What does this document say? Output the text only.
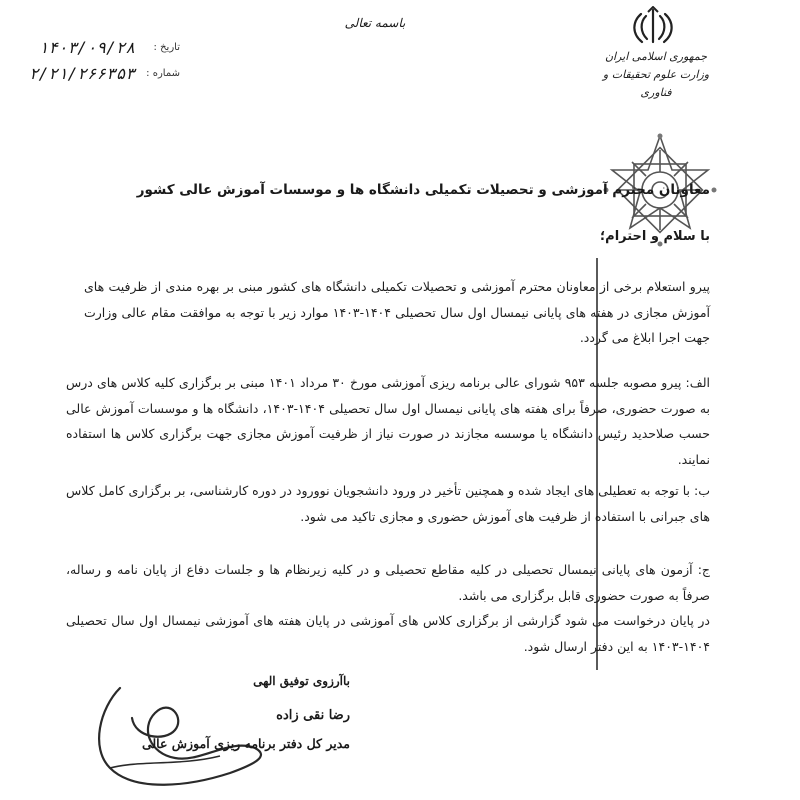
جمهوری اسلامی ایران
وزارت علوم تحقیقات و فناوری
باسمه تعالی
تاریخ :
۱۴۰۳/۰۹/۲۸
شماره :
۲/۲۱/۲۶۶۳۵۳
معاونان محترم آموزشی و تحصیلات تکمیلی دانشگاه ها و موسسات آموزش عالی کشور
با سلام و احترام؛
پیرو استعلام برخی از معاونان محترم آموزشی و تحصیلات تکمیلی دانشگاه های کشور مبنی بر بهره مندی از ظرفیت های آموزش مجازی در هفته های پایانی نیمسال اول سال تحصیلی ۱۴۰۴-۱۴۰۳ موارد زیر با توجه به موافقت مقام عالی وزارت جهت اجرا ابلاغ می گردد.
الف: پیرو مصوبه جلسه ۹۵۳ شورای عالی برنامه ریزی آموزشی مورخ ۳۰ مرداد ۱۴۰۱ مبنی بر برگزاری کلیه کلاس های درس به صورت حضوری، صرفاً برای هفته های پایانی نیمسال اول سال تحصیلی ۱۴۰۴-۱۴۰۳، دانشگاه ها و موسسات آموزش عالی حسب صلاحدید رئیس دانشگاه یا موسسه مجازند در صورت نیاز از ظرفیت آموزش مجازی جهت برگزاری کلاس ها استفاده نمایند.
ب: با توجه به تعطیلی های ایجاد شده و همچنین تأخیر در ورود دانشجویان نوورود در دوره کارشناسی، بر برگزاری کامل کلاس های جبرانی با استفاده از ظرفیت های آموزش حضوری و مجازی تاکید می شود.
ج: آزمون های پایانی نیمسال تحصیلی در کلیه مقاطع تحصیلی و در کلیه زیرنظام ها و جلسات دفاع از پایان نامه و رساله، صرفاً به صورت حضوری قابل برگزاری می باشد.
در پایان درخواست می شود گزارشی از برگزاری کلاس های آموزشی در پایان هفته های آموزشی نیمسال اول سال تحصیلی ۱۴۰۴-۱۴۰۳ به این دفتر ارسال شود.
باآرزوی توفیق الهی
رضا نقی زاده
مدیر کل دفتر برنامه ریزی آموزش عالی
